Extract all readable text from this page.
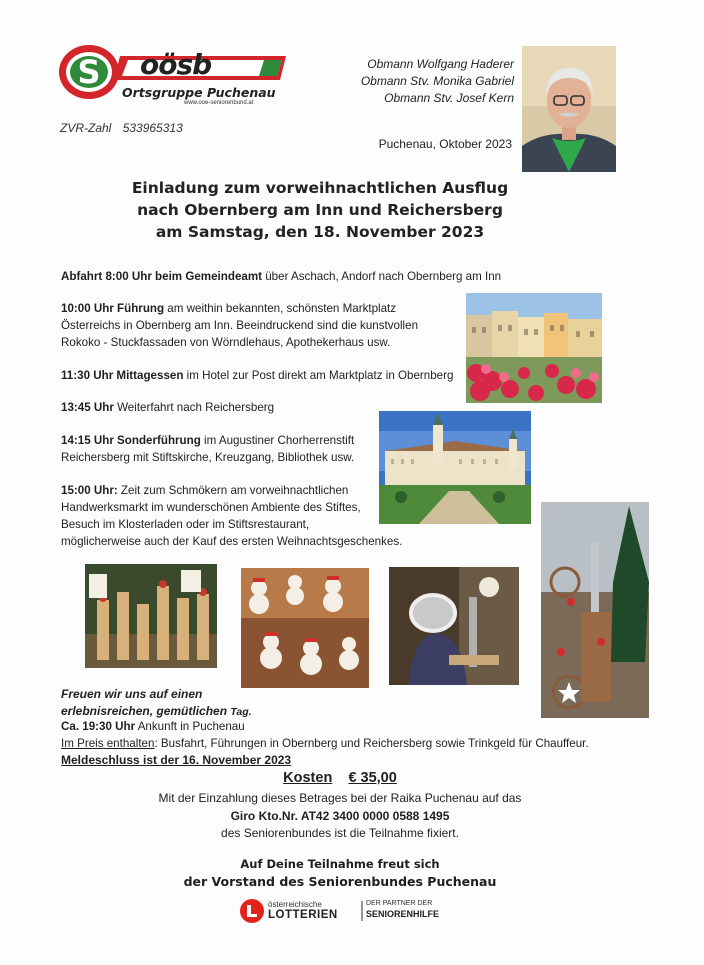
S oösb
Ortsgruppe Puchenau
www.ooe-seniorenbund.at
ZVR-Zahl 533965313
Obmann Wolfgang Haderer
Obmann Stv. Monika Gabriel
Obmann Stv. Josef Kern
Puchenau, Oktober 2023
Einladung zum vorweihnachtlichen Ausflug
nach Obernberg am Inn und Reichersberg
am Samstag, den 18. November 2023
Abfahrt 8:00 Uhr beim Gemeindeamt über Aschach, Andorf nach Obernberg am Inn
10:00 Uhr Führung am weithin bekannten, schönsten Marktplatz
Österreichs in Obernberg am Inn. Beeindruckend sind die kunstvollen
Rokoko - Stuckfassaden von Wörndlehaus, Apothekerhaus usw.
11:30 Uhr Mittagessen im Hotel zur Post direkt am Marktplatz in Obernberg
13:45 Uhr Weiterfahrt nach Reichersberg
14:15 Uhr Sonderführung im Augustiner Chorherrenstift
Reichersberg mit Stiftskirche, Kreuzgang, Bibliothek usw.
15:00 Uhr: Zeit zum Schmökern am vorweihnachtlichen
Handwerksmarkt im wunderschönen Ambiente des Stiftes,
Besuch im Klosterladen oder im Stiftsrestaurant,
möglicherweise auch der Kauf des ersten Weihnachtsgeschenkes.
Freuen wir uns auf einen
erlebnisreichen, gemütlichen Tag.
Ca. 19:30 Uhr Ankunft in Puchenau
Im Preis enthalten: Busfahrt, Führungen in Obernberg und Reichersberg sowie Trinkgeld für Chauffeur.
Meldeschluss ist der 16. November 2023
Kosten € 35,00
Mit der Einzahlung dieses Betrages bei der Raika Puchenau auf das
Giro Kto.Nr. AT42 3400 0000 0588 1495
des Seniorenbundes ist die Teilnahme fixiert.
Auf Deine Teilnahme freut sich
der Vorstand des Seniorenbundes Puchenau
österreichische
LOTTERIEN
DER PARTNER DER
SENIORENHILFE
